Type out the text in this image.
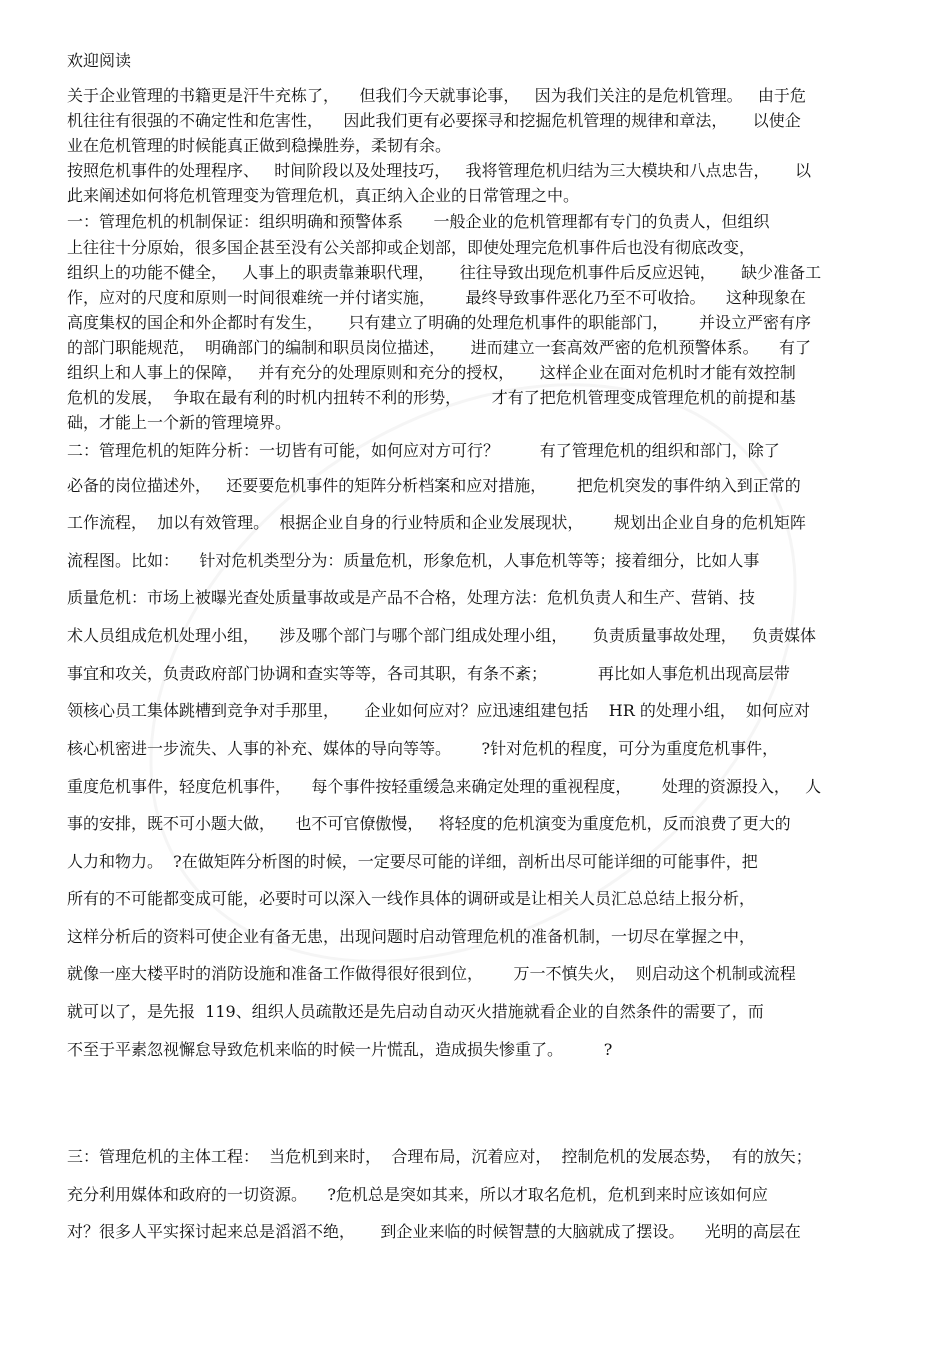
欢迎阅读
关于企业管理的书籍更是汗牛充栋了，    但我们今天就事论事，   因为我们关注的是危机管理。   由于危
机往往有很强的不确定性和危害性，    因此我们更有必要探寻和挖掘危机管理的规律和章法，     以使企
业在危机管理的时候能真正做到稳操胜券，柔韧有余。
按照危机事件的处理程序、   时间阶段以及处理技巧，   我将管理危机归结为三大模块和八点忠告，     以
此来阐述如何将危机管理变为管理危机，真正纳入企业的日常管理之中。
一：管理危机的机制保证：组织明确和预警体系      一般企业的危机管理都有专门的负责人，但组织
上往往十分原始，很多国企甚至没有公关部抑或企划部，即使处理完危机事件后也没有彻底改变，
组织上的功能不健全，   人事上的职责靠兼职代理，     往往导致出现危机事件后反应迟钝，     缺少准备工
作，应对的尺度和原则一时间很难统一并付诸实施，      最终导致事件恶化乃至不可收拾。    这种现象在
高度集权的国企和外企都时有发生，     只有建立了明确的处理危机事件的职能部门，      并设立严密有序
的部门职能规范，  明确部门的编制和职员岗位描述，     进而建立一套高效严密的危机预警体系。    有了
组织上和人事上的保障，   并有充分的处理原则和充分的授权，     这样企业在面对危机时才能有效控制
危机的发展，  争取在最有利的时机内扭转不利的形势，      才有了把危机管理变成管理危机的前提和基
础，才能上一个新的管理境界。
二：管理危机的矩阵分析：一切皆有可能，如何应对方可行？        有了管理危机的组织和部门，除了
必备的岗位描述外，   还要要危机事件的矩阵分析档案和应对措施，      把危机突发的事件纳入到正常的
工作流程，  加以有效管理。  根据企业自身的行业特质和企业发展现状，      规划出企业自身的危机矩阵
流程图。比如：    针对危机类型分为：质量危机，形象危机，人事危机等等；接着细分，比如人事
质量危机：市场上被曝光查处质量事故或是产品不合格，处理方法：危机负责人和生产、营销、技
术人员组成危机处理小组，    涉及哪个部门与哪个部门组成处理小组，     负责质量事故处理，   负责媒体
事宜和攻关，负责政府部门协调和查实等等，各司其职，有条不紊；          再比如人事危机出现高层带
领核心员工集体跳槽到竞争对手那里，     企业如何应对？应迅速组建包括    HR 的处理小组，  如何应对
核心机密进一步流失、人事的补充、媒体的导向等等。      ?针对危机的程度，可分为重度危机事件，
重度危机事件，轻度危机事件，    每个事件按轻重缓急来确定处理的重视程度，      处理的资源投入，   人
事的安排，既不可小题大做，    也不可官僚傲慢，   将轻度的危机演变为重度危机，反而浪费了更大的
人力和物力。  ?在做矩阵分析图的时候，一定要尽可能的详细，剖析出尽可能详细的可能事件，把
所有的不可能都变成可能，必要时可以深入一线作具体的调研或是让相关人员汇总总结上报分析，
这样分析后的资料可使企业有备无患，出现问题时启动管理危机的准备机制，一切尽在掌握之中，
就像一座大楼平时的消防设施和准备工作做得很好很到位，      万一不慎失火，  则启动这个机制或流程
就可以了，是先报  119、组织人员疏散还是先启动自动灭火措施就看企业的自然条件的需要了，而
不至于平素忽视懈怠导致危机来临的时候一片慌乱，造成损失惨重了。        ?
三：管理危机的主体工程：  当危机到来时，  合理布局，沉着应对，  控制危机的发展态势，  有的放矢；
充分利用媒体和政府的一切资源。    ?危机总是突如其来，所以才取名危机，危机到来时应该如何应
对？很多人平实探讨起来总是滔滔不绝，     到企业来临的时候智慧的大脑就成了摆设。    光明的高层在
